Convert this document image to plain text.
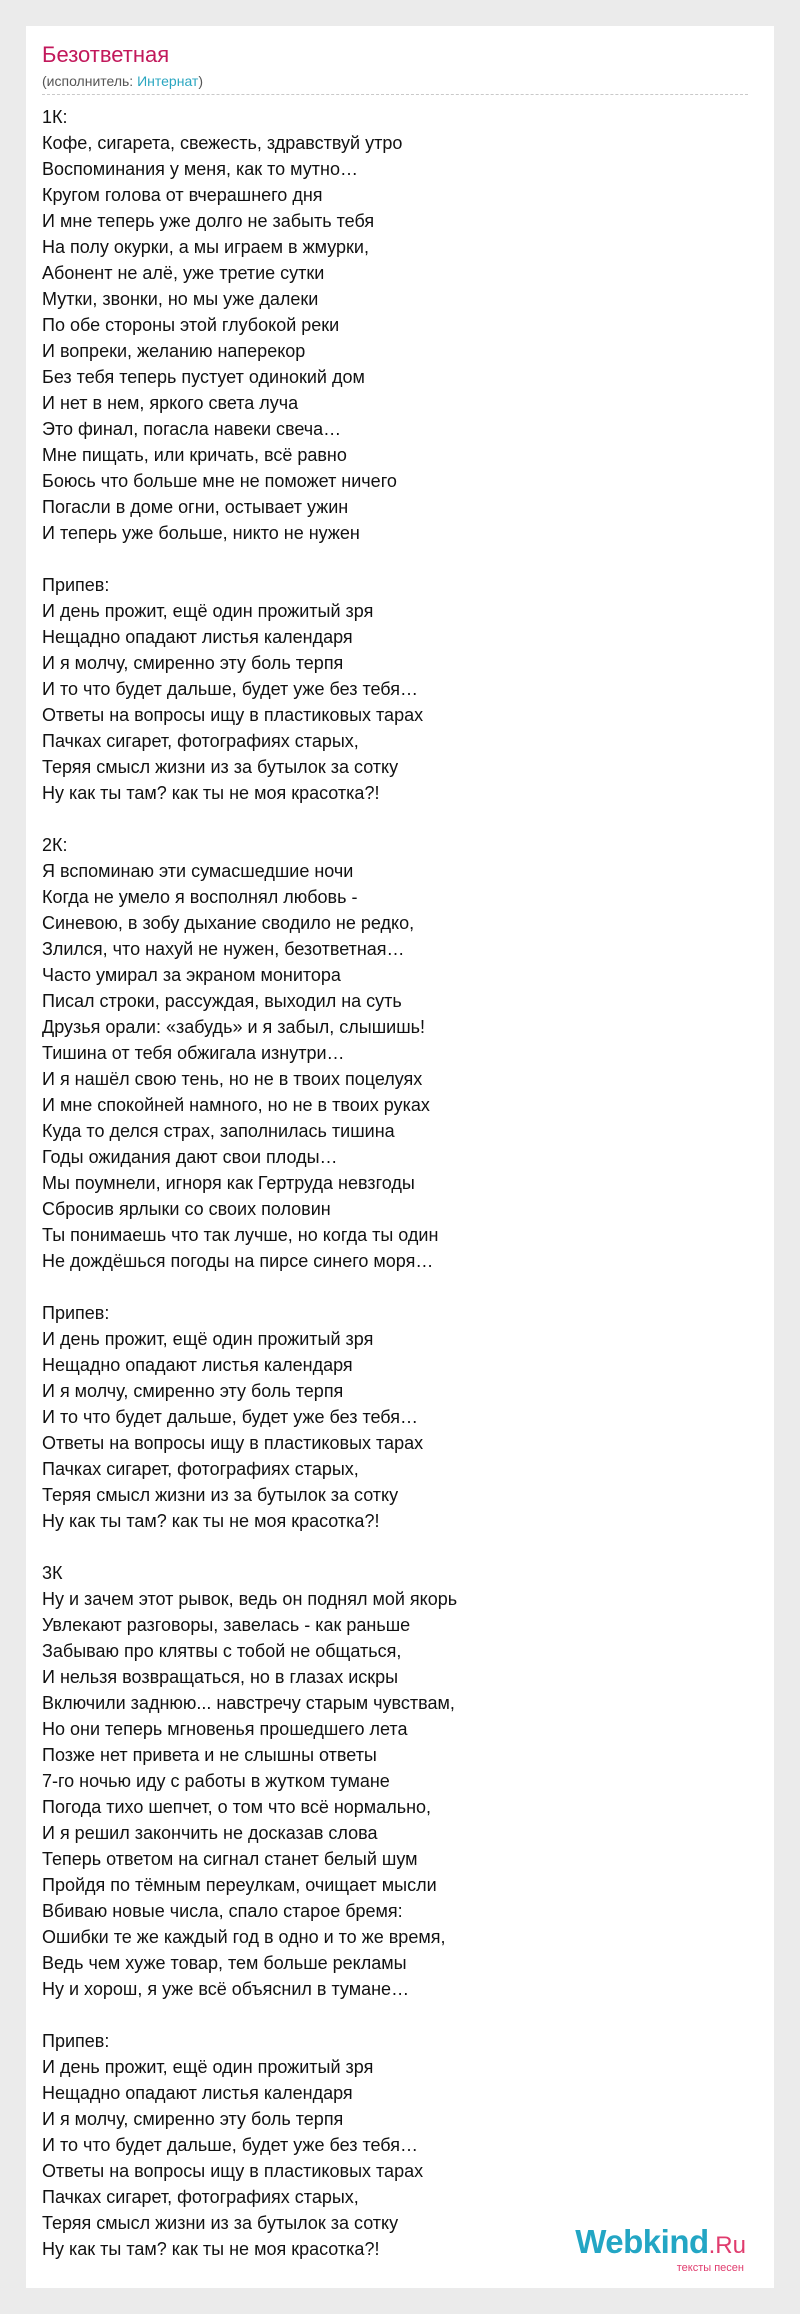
Безответная
(исполнитель: Интернат)
1К:
Кофе, сигарета, свежесть, здравствуй утро
Воспоминания у меня, как то мутно…
Кругом голова от вчерашнего дня
И мне теперь уже долго не забыть тебя
На полу окурки, а мы играем в жмурки,
Абонент не алё, уже третие сутки
Мутки, звонки, но мы уже далеки
По обе стороны этой глубокой реки
И вопреки, желанию наперекор
Без тебя теперь пустует одинокий дом
И нет в нем, яркого света луча
Это финал, погасла навеки свеча…
Мне пищать, или кричать, всё равно
Боюсь что больше мне не поможет ничего
Погасли в доме огни, остывает ужин
И теперь уже больше, никто не нужен
Припев:
И день прожит, ещё один прожитый зря
Нещадно опадают листья календаря
И я молчу, смиренно эту боль терпя
И то что будет дальше, будет уже без тебя…
Ответы на вопросы ищу в пластиковых тарах
Пачках сигарет, фотографиях старых,
Теряя смысл жизни из за бутылок за сотку
Ну как ты там? как ты не моя красотка?!
2К:
Я вспоминаю эти сумасшедшие ночи
Когда не умело я восполнял любовь -
Синевою, в зобу дыхание сводило не редко,
Злился, что нахуй не нужен, безответная…
Часто умирал за экраном монитора
Писал строки, рассуждая, выходил на суть
Друзья орали: «забудь» и я забыл, слышишь!
Тишина от тебя обжигала изнутри…
И я нашёл свою тень, но не в твоих поцелуях
И мне спокойней намного, но не в твоих руках
Куда то делся страх, заполнилась тишина
Годы ожидания дают свои плоды…
Мы поумнели, игноря как Гертруда невзгоды
Сбросив ярлыки со своих половин
Ты понимаешь что так лучше, но когда ты один
Не дождёшься погоды на пирсе синего моря…
Припев:
И день прожит, ещё один прожитый зря
Нещадно опадают листья календаря
И я молчу, смиренно эту боль терпя
И то что будет дальше, будет уже без тебя…
Ответы на вопросы ищу в пластиковых тарах
Пачках сигарет, фотографиях старых,
Теряя смысл жизни из за бутылок за сотку
Ну как ты там? как ты не моя красотка?!
3К
Ну и зачем этот рывок, ведь он поднял мой якорь
Увлекают разговоры, завелась - как раньше
Забываю про клятвы с тобой не общаться,
И нельзя возвращаться, но в глазах искры
Включили заднюю... навстречу старым чувствам,
Но они теперь мгновенья прошедшего лета
Позже нет привета и не слышны ответы
7-го ночью иду с работы в жутком тумане
Погода тихо шепчет, о том что всё нормально,
И я решил закончить не досказав слова
Теперь ответом на сигнал станет белый шум
Пройдя по тёмным переулкам, очищает мысли
Вбиваю новые числа, спало старое бремя:
Ошибки те же каждый год в одно и то же время,
Ведь чем хуже товар, тем больше рекламы
Ну и хорош, я уже всё объяснил в тумане…
Припев:
И день прожит, ещё один прожитый зря
Нещадно опадают листья календаря
И я молчу, смиренно эту боль терпя
И то что будет дальше, будет уже без тебя…
Ответы на вопросы ищу в пластиковых тарах
Пачках сигарет, фотографиях старых,
Теряя смысл жизни из за бутылок за сотку
Ну как ты там? как ты не моя красотка?!	Webkind.Ru
тексты песен
